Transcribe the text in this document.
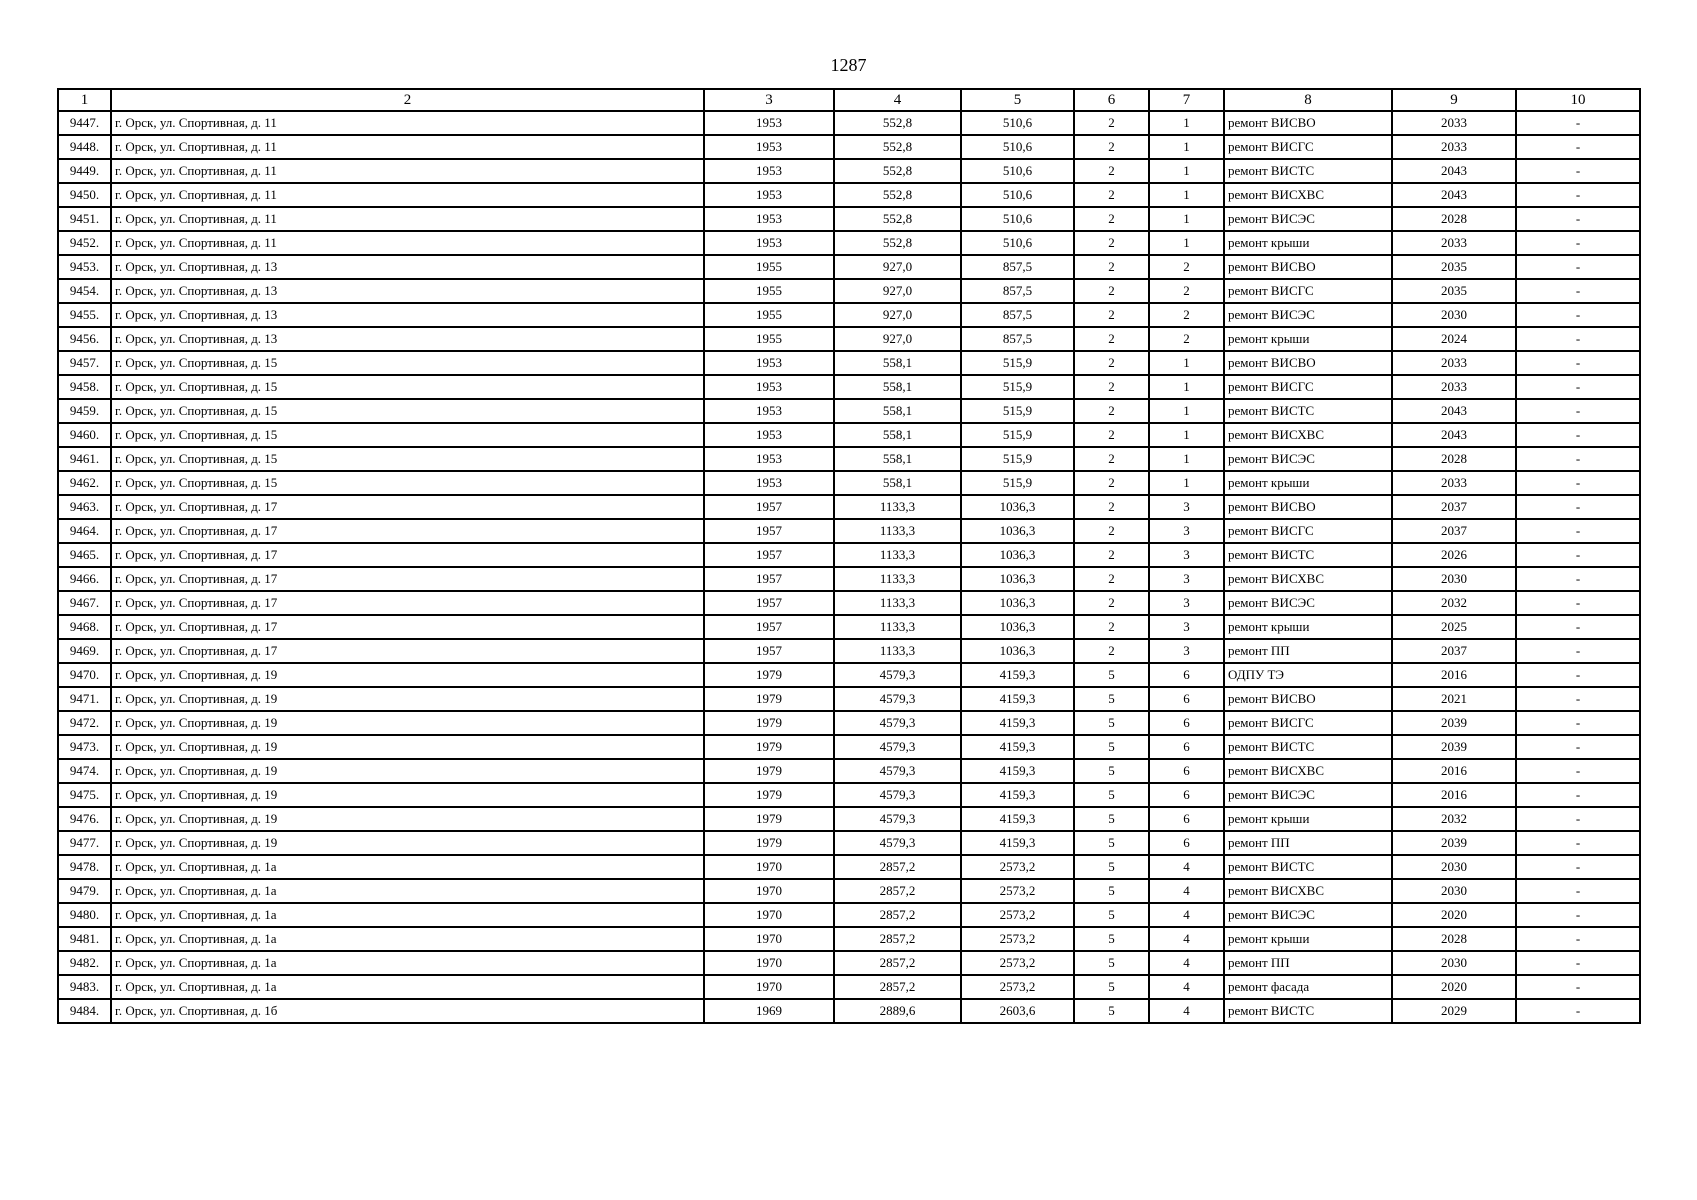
1287
1	2	3	4	5	6	7	8	9	10
9447.	г. Орск, ул. Спортивная, д. 11	1953	552,8	510,6	2	1	ремонт ВИСВО	2033	-
9448.	г. Орск, ул. Спортивная, д. 11	1953	552,8	510,6	2	1	ремонт ВИСГС	2033	-
9449.	г. Орск, ул. Спортивная, д. 11	1953	552,8	510,6	2	1	ремонт ВИСТС	2043	-
9450.	г. Орск, ул. Спортивная, д. 11	1953	552,8	510,6	2	1	ремонт ВИСХВС	2043	-
9451.	г. Орск, ул. Спортивная, д. 11	1953	552,8	510,6	2	1	ремонт ВИСЭС	2028	-
9452.	г. Орск, ул. Спортивная, д. 11	1953	552,8	510,6	2	1	ремонт крыши	2033	-
9453.	г. Орск, ул. Спортивная, д. 13	1955	927,0	857,5	2	2	ремонт ВИСВО	2035	-
9454.	г. Орск, ул. Спортивная, д. 13	1955	927,0	857,5	2	2	ремонт ВИСГС	2035	-
9455.	г. Орск, ул. Спортивная, д. 13	1955	927,0	857,5	2	2	ремонт ВИСЭС	2030	-
9456.	г. Орск, ул. Спортивная, д. 13	1955	927,0	857,5	2	2	ремонт крыши	2024	-
9457.	г. Орск, ул. Спортивная, д. 15	1953	558,1	515,9	2	1	ремонт ВИСВО	2033	-
9458.	г. Орск, ул. Спортивная, д. 15	1953	558,1	515,9	2	1	ремонт ВИСГС	2033	-
9459.	г. Орск, ул. Спортивная, д. 15	1953	558,1	515,9	2	1	ремонт ВИСТС	2043	-
9460.	г. Орск, ул. Спортивная, д. 15	1953	558,1	515,9	2	1	ремонт ВИСХВС	2043	-
9461.	г. Орск, ул. Спортивная, д. 15	1953	558,1	515,9	2	1	ремонт ВИСЭС	2028	-
9462.	г. Орск, ул. Спортивная, д. 15	1953	558,1	515,9	2	1	ремонт крыши	2033	-
9463.	г. Орск, ул. Спортивная, д. 17	1957	1133,3	1036,3	2	3	ремонт ВИСВО	2037	-
9464.	г. Орск, ул. Спортивная, д. 17	1957	1133,3	1036,3	2	3	ремонт ВИСГС	2037	-
9465.	г. Орск, ул. Спортивная, д. 17	1957	1133,3	1036,3	2	3	ремонт ВИСТС	2026	-
9466.	г. Орск, ул. Спортивная, д. 17	1957	1133,3	1036,3	2	3	ремонт ВИСХВС	2030	-
9467.	г. Орск, ул. Спортивная, д. 17	1957	1133,3	1036,3	2	3	ремонт ВИСЭС	2032	-
9468.	г. Орск, ул. Спортивная, д. 17	1957	1133,3	1036,3	2	3	ремонт крыши	2025	-
9469.	г. Орск, ул. Спортивная, д. 17	1957	1133,3	1036,3	2	3	ремонт ПП	2037	-
9470.	г. Орск, ул. Спортивная, д. 19	1979	4579,3	4159,3	5	6	ОДПУ ТЭ	2016	-
9471.	г. Орск, ул. Спортивная, д. 19	1979	4579,3	4159,3	5	6	ремонт ВИСВО	2021	-
9472.	г. Орск, ул. Спортивная, д. 19	1979	4579,3	4159,3	5	6	ремонт ВИСГС	2039	-
9473.	г. Орск, ул. Спортивная, д. 19	1979	4579,3	4159,3	5	6	ремонт ВИСТС	2039	-
9474.	г. Орск, ул. Спортивная, д. 19	1979	4579,3	4159,3	5	6	ремонт ВИСХВС	2016	-
9475.	г. Орск, ул. Спортивная, д. 19	1979	4579,3	4159,3	5	6	ремонт ВИСЭС	2016	-
9476.	г. Орск, ул. Спортивная, д. 19	1979	4579,3	4159,3	5	6	ремонт крыши	2032	-
9477.	г. Орск, ул. Спортивная, д. 19	1979	4579,3	4159,3	5	6	ремонт ПП	2039	-
9478.	г. Орск, ул. Спортивная, д. 1а	1970	2857,2	2573,2	5	4	ремонт ВИСТС	2030	-
9479.	г. Орск, ул. Спортивная, д. 1а	1970	2857,2	2573,2	5	4	ремонт ВИСХВС	2030	-
9480.	г. Орск, ул. Спортивная, д. 1а	1970	2857,2	2573,2	5	4	ремонт ВИСЭС	2020	-
9481.	г. Орск, ул. Спортивная, д. 1а	1970	2857,2	2573,2	5	4	ремонт крыши	2028	-
9482.	г. Орск, ул. Спортивная, д. 1а	1970	2857,2	2573,2	5	4	ремонт ПП	2030	-
9483.	г. Орск, ул. Спортивная, д. 1а	1970	2857,2	2573,2	5	4	ремонт фасада	2020	-
9484.	г. Орск, ул. Спортивная, д. 1б	1969	2889,6	2603,6	5	4	ремонт ВИСТС	2029	-
